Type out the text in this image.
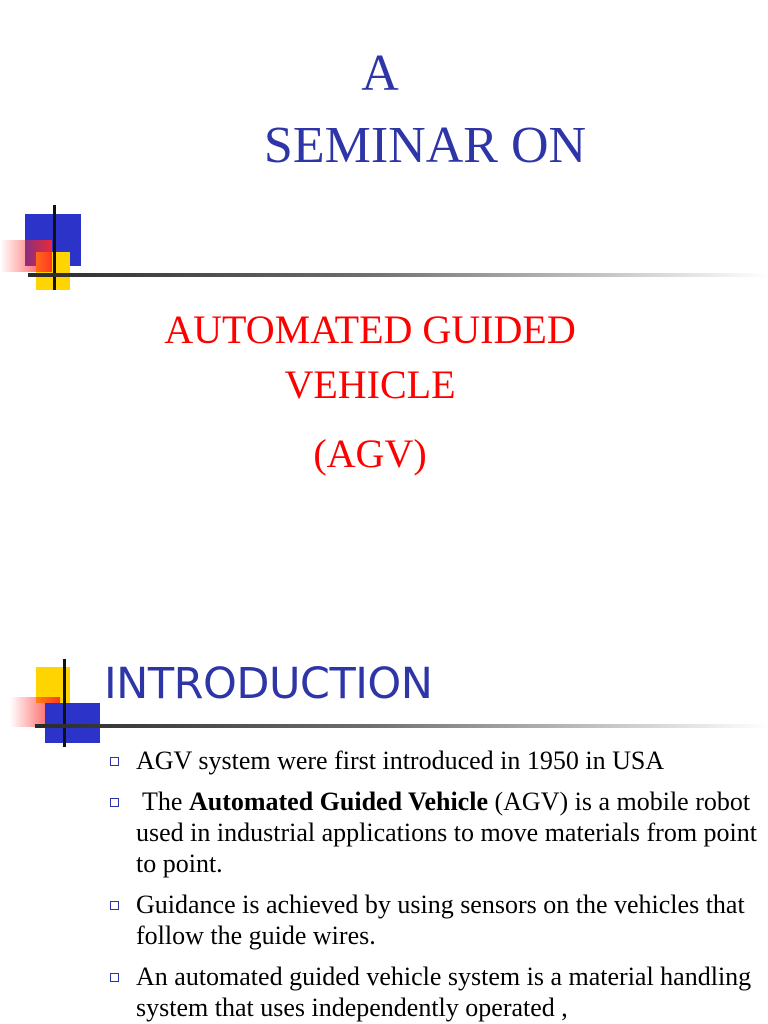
A
SEMINAR ON
AUTOMATED GUIDED
VEHICLE
(AGV)
INTRODUCTION
AGV system were first introduced in 1950 in USA
The Automated Guided Vehicle (AGV) is a mobile robot used in industrial applications to move materials from point to point.
Guidance is achieved by using sensors on the vehicles that follow the guide wires.
An automated guided vehicle system is a material handling system that uses independently operated ,
